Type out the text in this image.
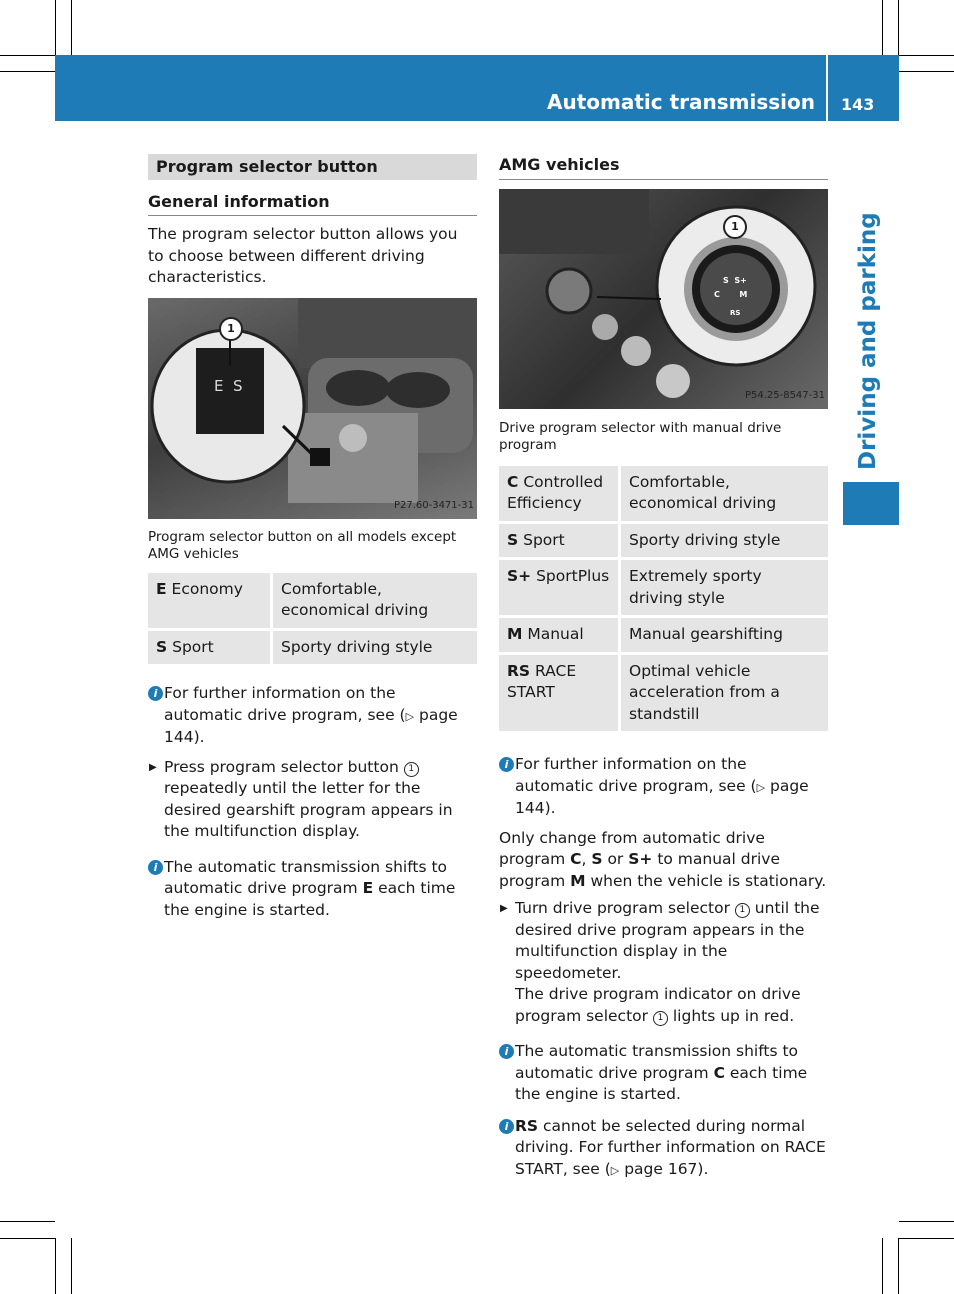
Automatic transmission 143
Driving and parking
Program selector button
General information

The program selector button allows you to choose between different driving characteristics.

1
E  S
P27.60-3471-31

Program selector button on all models except AMG vehicles

E Economy	Comfortable, economical driving
S Sport	Sporty driving style
i For further information on the automatic drive program, see (▷ page 144).
▶ Press program selector button 1 repeatedly until the letter for the desired gearshift program appears in the multifunction display.
i The automatic transmission shifts to automatic drive program E each time the engine is started.
AMG vehicles
1
S  S+
C       M
RS
P54.25-8547-31

Drive program selector with manual drive program

C Controlled Efficiency	Comfortable, economical driving
S Sport	Sporty driving style
S+ SportPlus	Extremely sporty driving style
M Manual	Manual gearshifting
RS RACE START	Optimal vehicle acceleration from a standstill
i For further information on the automatic drive program, see (▷ page 144).

Only change from automatic drive program C, S or S+ to manual drive program M when the vehicle is stationary.

▶ Turn drive program selector 1 until the desired drive program appears in the multifunction display in the speedometer.
The drive program indicator on drive program selector 1 lights up in red.
i The automatic transmission shifts to automatic drive program C each time the engine is started.
i RS cannot be selected during normal driving. For further information on RACE START, see (▷ page 167).
